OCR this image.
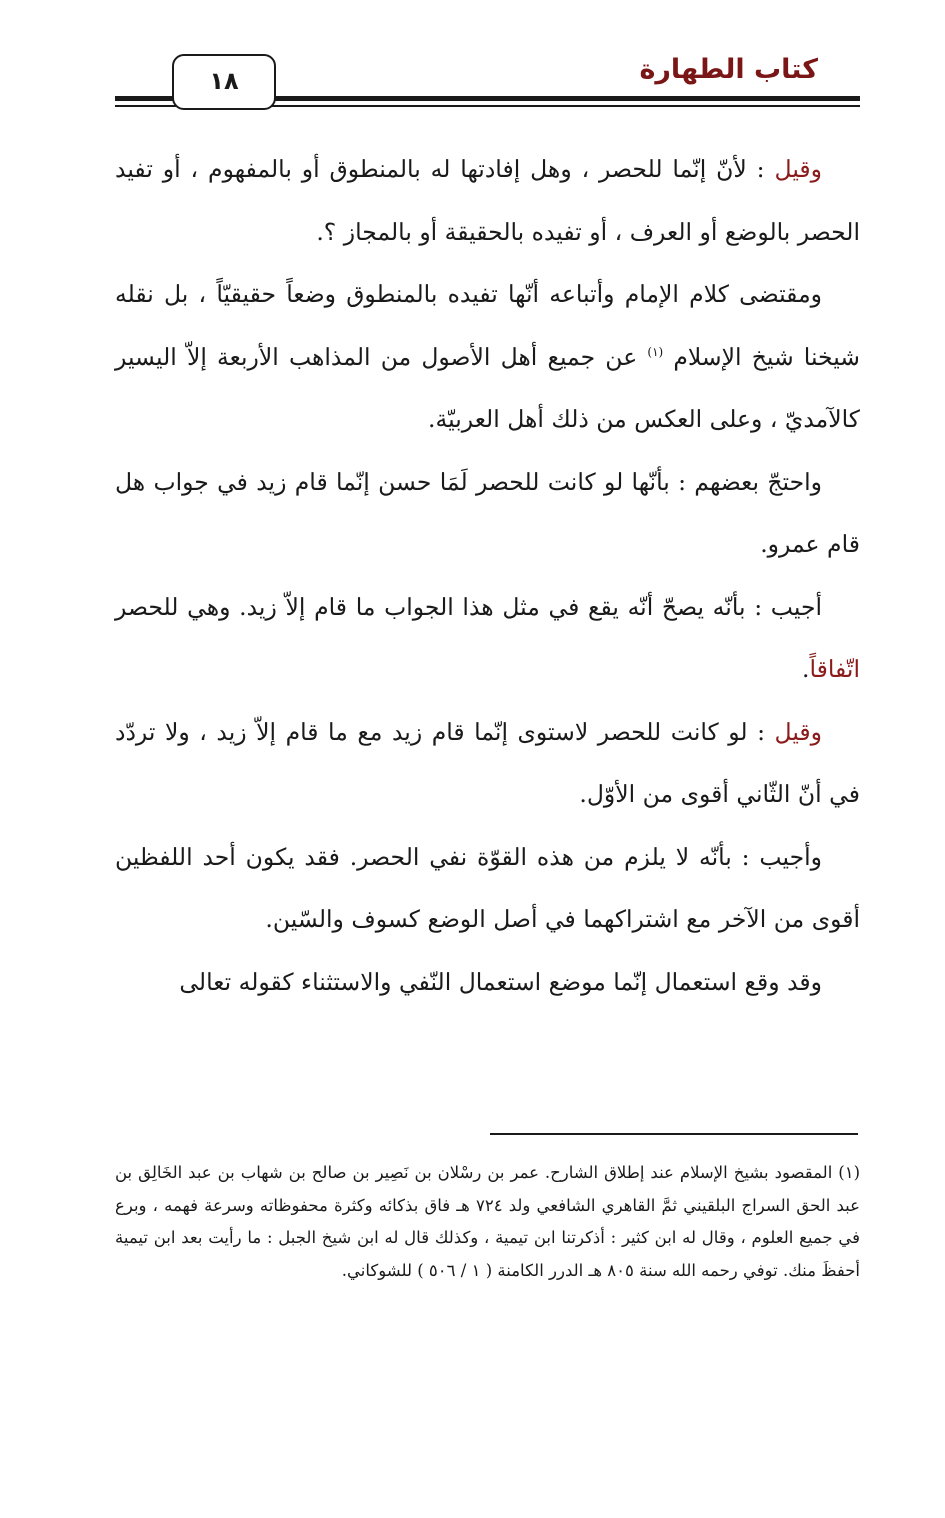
١٨	كتاب الطهارة

وقيل : لأنّ إنّما للحصر ، وهل إفادتها له بالمنطوق أو بالمفهوم ، أو تفيد الحصر بالوضع أو العرف ، أو تفيده بالحقيقة أو بالمجاز ؟.

ومقتضى كلام الإمام وأتباعه أنّها تفيده بالمنطوق وضعاً حقيقيّاً ، بل نقله شيخنا شيخ الإسلام $^{(١)}$ عن جميع أهل الأصول من المذاهب الأربعة إلاّ اليسير كالآمديّ ، وعلى العكس من ذلك أهل العربيّة.

واحتجّ بعضهم : بأنّها لو كانت للحصر لَمَا حسن إنّما قام زيد في جواب هل قام عمرو.

أجيب : بأنّه يصحّ أنّه يقع في مثل هذا الجواب ما قام إلاّ زيد. وهي للحصر اتّفاقاً.

وقيل : لو كانت للحصر لاستوى إنّما قام زيد مع ما قام إلاّ زيد ، ولا تردّد في أنّ الثّاني أقوى من الأوّل.

وأجيب : بأنّه لا يلزم من هذه القوّة نفي الحصر. فقد يكون أحد اللفظين أقوى من الآخر مع اشتراكهما في أصل الوضع كسوف والسّين.

وقد وقع استعمال إنّما موضع استعمال النّفي والاستثناء كقوله تعالى

(١) المقصود بشيخ الإسلام عند إطلاق الشارح. عمر بن رسْلان بن نَصِير بن صالح بن شهاب بن عبد الخَالِق بن عبد الحق السراج البلقيني ثمَّ القاهري الشافعي ولد ٧٢٤ هـ فاق بذكائه وكثرة محفوظاته وسرعة فهمه ، وبرع في جميع العلوم ، وقال له ابن كثير : أذكرتنا ابن تيمية ، وكذلك قال له ابن شيخ الجبل : ما رأيت بعد ابن تيمية أحفظَ منك. توفي رحمه الله سنة ٨٠٥ هـ الدرر الكامنة ( ١ / ٥٠٦ ) للشوكاني.
